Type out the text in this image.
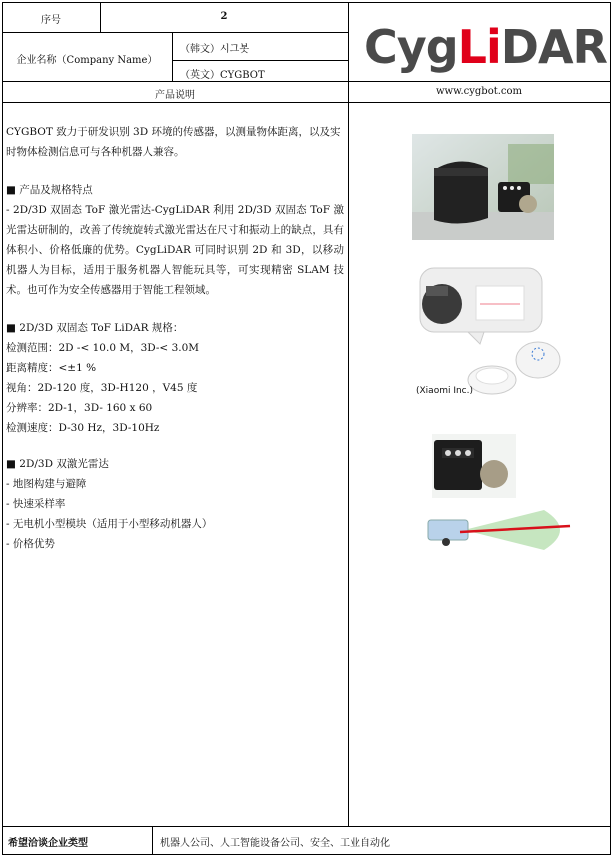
序号	2
企业名称（Company Name）
（韩文）시그봇
（英文）CYGBOT
产品说明	www.cygbot.com
CygLiDAR

CYGBOT 致力于研发识别 3D 环境的传感器，以测量物体距离，以及实时物体检测信息可与各种机器人兼容。

■ 产品及规格特点
- 2D/3D 双固态 ToF 激光雷达-CygLiDAR 利用 2D/3D 双固态 ToF 激光雷达研制的，改善了传统旋转式激光雷达在尺寸和振动上的缺点，具有体积小、价格低廉的优势。CygLiDAR 可同时识别 2D 和 3D，以移动机器人为目标，适用于服务机器人智能玩具等，可实现精密 SLAM 技术。也可作为安全传感器用于智能工程领域。
■ 2D/3D 双固态 ToF LiDAR 规格：

检测范围：2D -< 10.0 M，3D-< 3.0M

距离精度：<±1 %

视角：2D-120 度，3D-H120 ，V45 度

分辨率：2D-1，3D- 160 x 60

检测速度：D-30 Hz，3D-10Hz

■ 2D/3D 双激光雷达

- 地图构建与避障

- 快速采样率

- 无电机小型模块（适用于小型移动机器人）

- 价格优势

(Xiaomi Inc.)
希望洽谈企业类型	机器人公司、人工智能设备公司、安全、工业自动化
